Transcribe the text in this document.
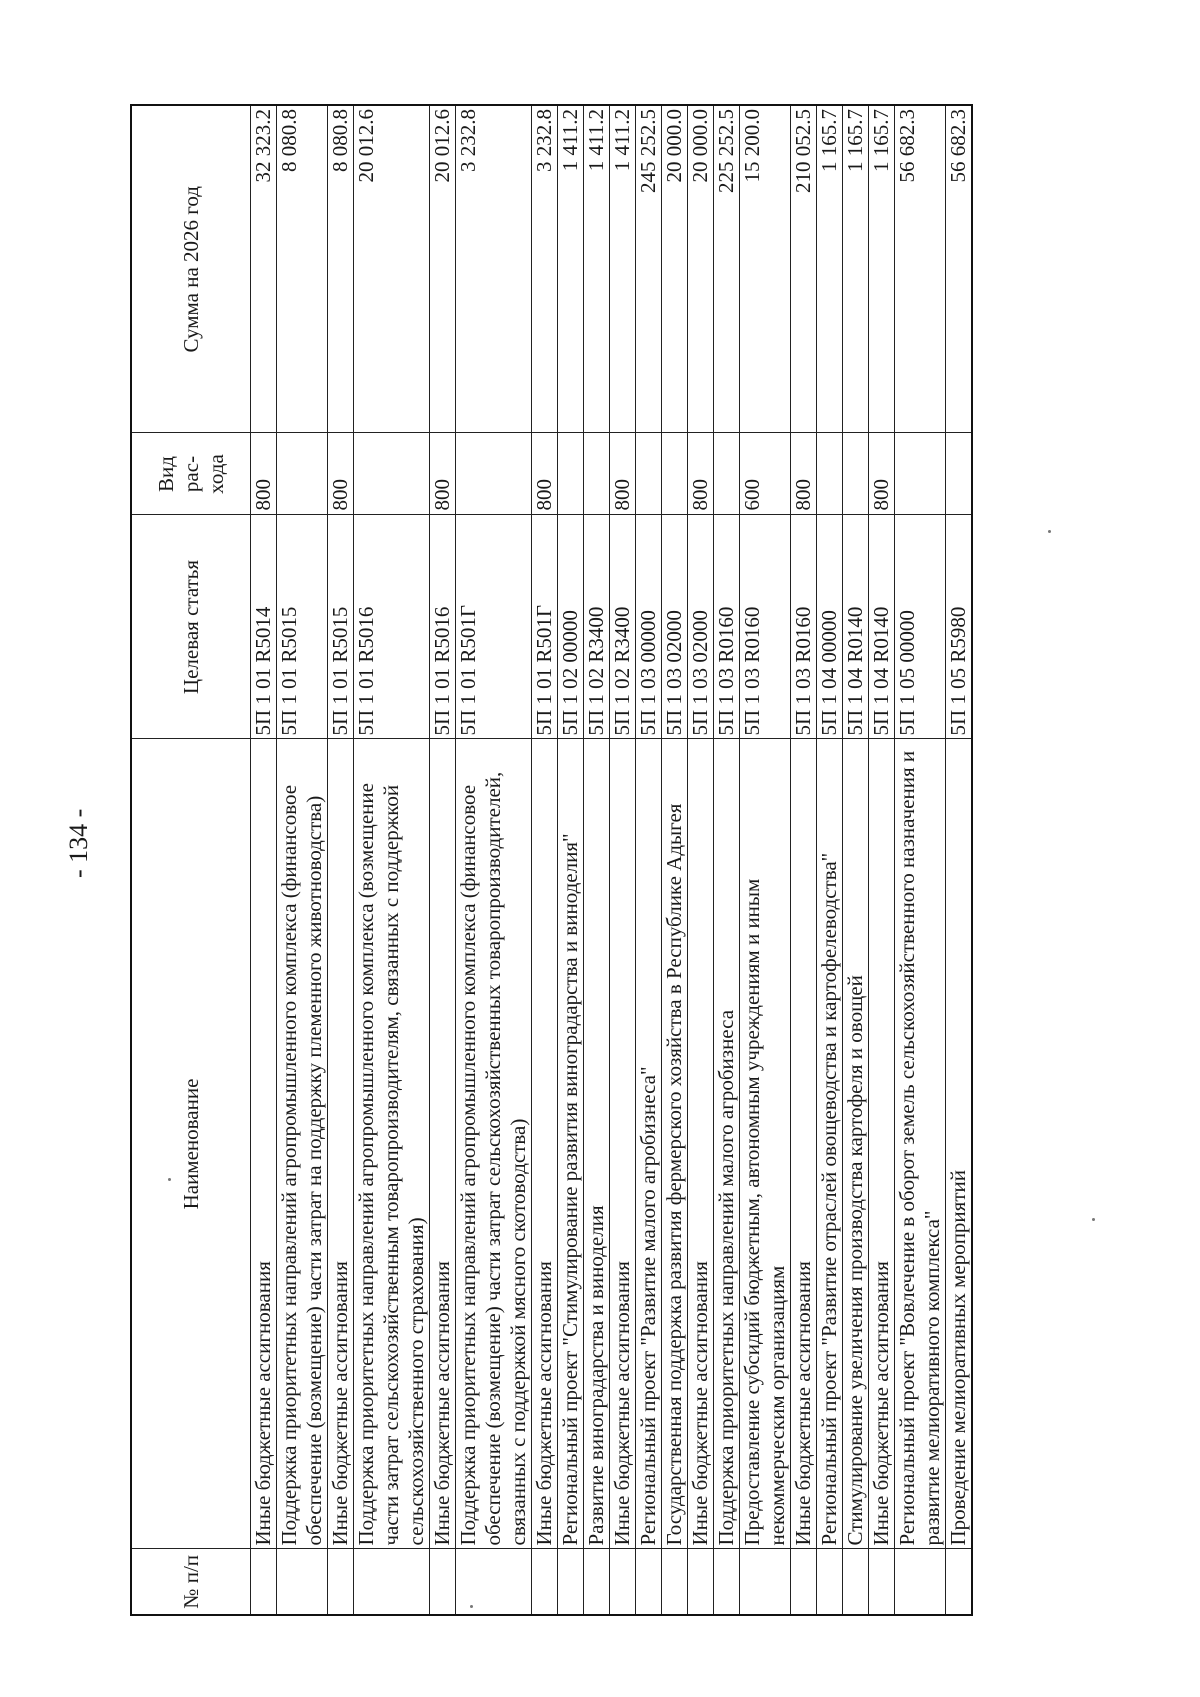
- 134 -
№ п/п	Наименование	Целевая статья	Вид рас- хода	Сумма на 2026 год
	Иные бюджетные ассигнования	5П 1 01 R5014	800	32 323.2
	Поддержка приоритетных направлений агропромышленного комплекса (финансовое обеспечение (возмещение) части затрат на поддержку племенного животноводства)	5П 1 01 R5015		8 080.8
	Иные бюджетные ассигнования	5П 1 01 R5015	800	8 080.8
	Поддержка приоритетных направлений агропромышленного комплекса (возмещение части затрат сельскохозяйственным товаропроизводителям, связанных с поддержкой сельскохозяйственного страхования)	5П 1 01 R5016		20 012.6
	Иные бюджетные ассигнования	5П 1 01 R5016	800	20 012.6
	Поддержка приоритетных направлений агропромышленного комплекса (финансовое обеспечение (возмещение) части затрат сельскохозяйственных товаропроизводителей, связанных с поддержкой мясного скотоводства)	5П 1 01 R501Г		3 232.8
	Иные бюджетные ассигнования	5П 1 01 R501Г	800	3 232.8
	Региональный проект "Стимулирование развития виноградарства и виноделия"	5П 1 02 00000		1 411.2
	Развитие виноградарства и виноделия	5П 1 02 R3400		1 411.2
	Иные бюджетные ассигнования	5П 1 02 R3400	800	1 411.2
	Региональный проект "Развитие малого агробизнеса"	5П 1 03 00000		245 252.5
	Государственная поддержка развития фермерского хозяйства в Республике Адыгея	5П 1 03 02000		20 000.0
	Иные бюджетные ассигнования	5П 1 03 02000	800	20 000.0
	Поддержка приоритетных направлений малого агробизнеса	5П 1 03 R0160		225 252.5
	Предоставление субсидий бюджетным, автономным учреждениям и иным некоммерческим организациям	5П 1 03 R0160	600	15 200.0
	Иные бюджетные ассигнования	5П 1 03 R0160	800	210 052.5
	Региональный проект "Развитие отраслей овощеводства и картофелеводства"	5П 1 04 00000		1 165.7
	Стимулирование увеличения производства картофеля и овощей	5П 1 04 R0140		1 165.7
	Иные бюджетные ассигнования	5П 1 04 R0140	800	1 165.7
	Региональный проект "Вовлечение в оборот земель сельскохозяйственного назначения и развитие мелиоративного комплекса"	5П 1 05 00000		56 682.3
	Проведение мелиоративных мероприятий	5П 1 05 R5980		56 682.3
